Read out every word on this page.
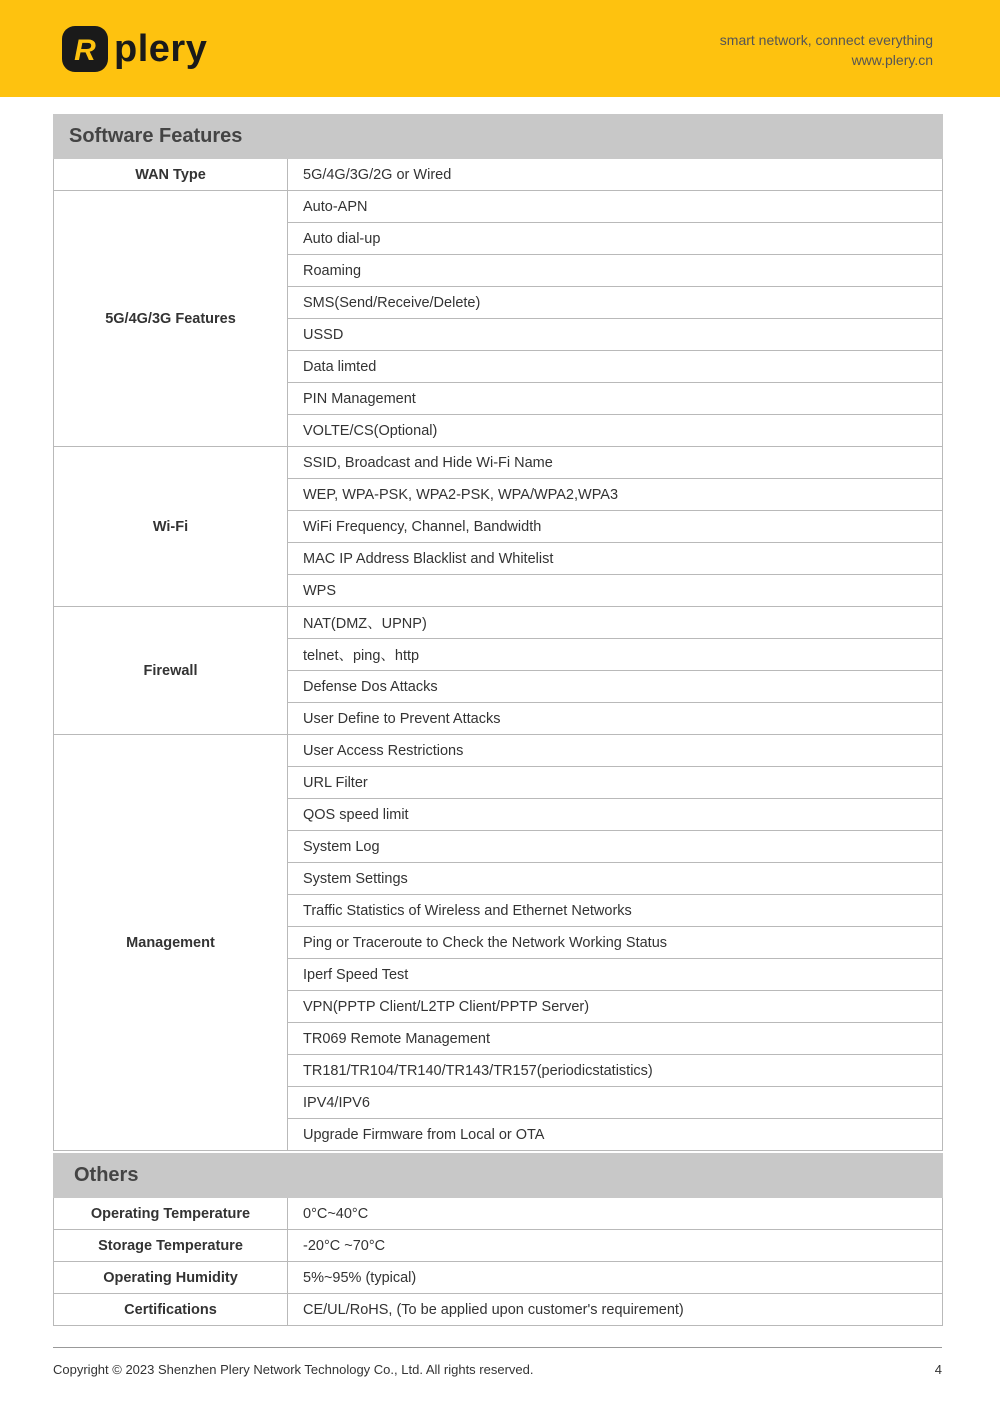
R plery	smart network, connect everything
www.plery.cn
Software Features	
WAN Type	5G/4G/3G/2G or Wired
5G/4G/3G Features	Auto-APN
	Auto dial-up
	Roaming
	SMS(Send/Receive/Delete)
	USSD
	Data limted
	PIN Management
	VOLTE/CS(Optional)
Wi-Fi	SSID, Broadcast and Hide Wi-Fi Name
	WEP, WPA-PSK, WPA2-PSK, WPA/WPA2,WPA3
	WiFi Frequency, Channel, Bandwidth
	MAC IP Address Blacklist and Whitelist
	WPS
Firewall	NAT(DMZ、UPNP)
	telnet、ping、http
	Defense Dos Attacks
	User Define to Prevent Attacks
Management	User Access Restrictions
	URL Filter
	QOS speed limit
	System Log
	System Settings
	Traffic Statistics of Wireless and Ethernet Networks
	Ping or Traceroute to Check the Network Working Status
	Iperf Speed Test
	VPN(PPTP Client/L2TP Client/PPTP Server)
	TR069 Remote Management
	TR181/TR104/TR140/TR143/TR157(periodicstatistics)
	IPV4/IPV6
	Upgrade Firmware from Local or OTA
Others	
Operating Temperature	0°C~40°C
Storage Temperature	-20°C ~70°C
Operating Humidity	5%~95% (typical)
Certifications	CE/UL/RoHS, (To be applied upon customer's requirement)
Copyright © 2023 Shenzhen Plery Network Technology Co., Ltd. All rights reserved.	4
